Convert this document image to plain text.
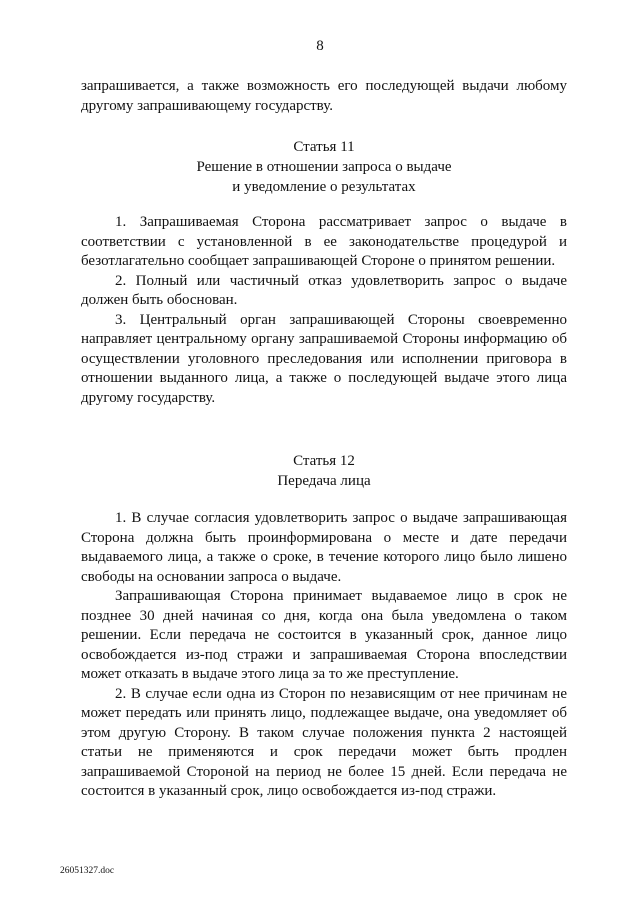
8

запрашивается, а также возможность его последующей выдачи любому другому запрашивающему государству.

Статья 11

Решение в отношении запроса о выдаче

и уведомление о результатах

1. Запрашиваемая Сторона рассматривает запрос о выдаче в соответствии с установленной в ее законодательстве процедурой и безотлагательно сообщает запрашивающей Стороне о принятом решении.

2. Полный или частичный отказ удовлетворить запрос о выдаче должен быть обоснован.

3. Центральный орган запрашивающей Стороны своевременно направляет центральному органу запрашиваемой Стороны информацию об осуществлении уголовного преследования или исполнении приговора в отношении выданного лица, а также о последующей выдаче этого лица другому государству.

Статья 12

Передача лица

1. В случае согласия удовлетворить запрос о выдаче запрашивающая Сторона должна быть проинформирована о месте и дате передачи выдаваемого лица, а также о сроке, в течение которого лицо было лишено свободы на основании запроса о выдаче.

Запрашивающая Сторона принимает выдаваемое лицо в срок не позднее 30 дней начиная со дня, когда она была уведомлена о таком решении. Если передача не состоится в указанный срок, данное лицо освобождается из-под стражи и запрашиваемая Сторона впоследствии может отказать в выдаче этого лица за то же преступление.

2. В случае если одна из Сторон по независящим от нее причинам не может передать или принять лицо, подлежащее выдаче, она уведомляет об этом другую Сторону. В таком случае положения пункта 2 настоящей статьи не применяются и срок передачи может быть продлен запрашиваемой Стороной на период не более 15 дней. Если передача не состоится в указанный срок, лицо освобождается из-под стражи.

26051327.doc
